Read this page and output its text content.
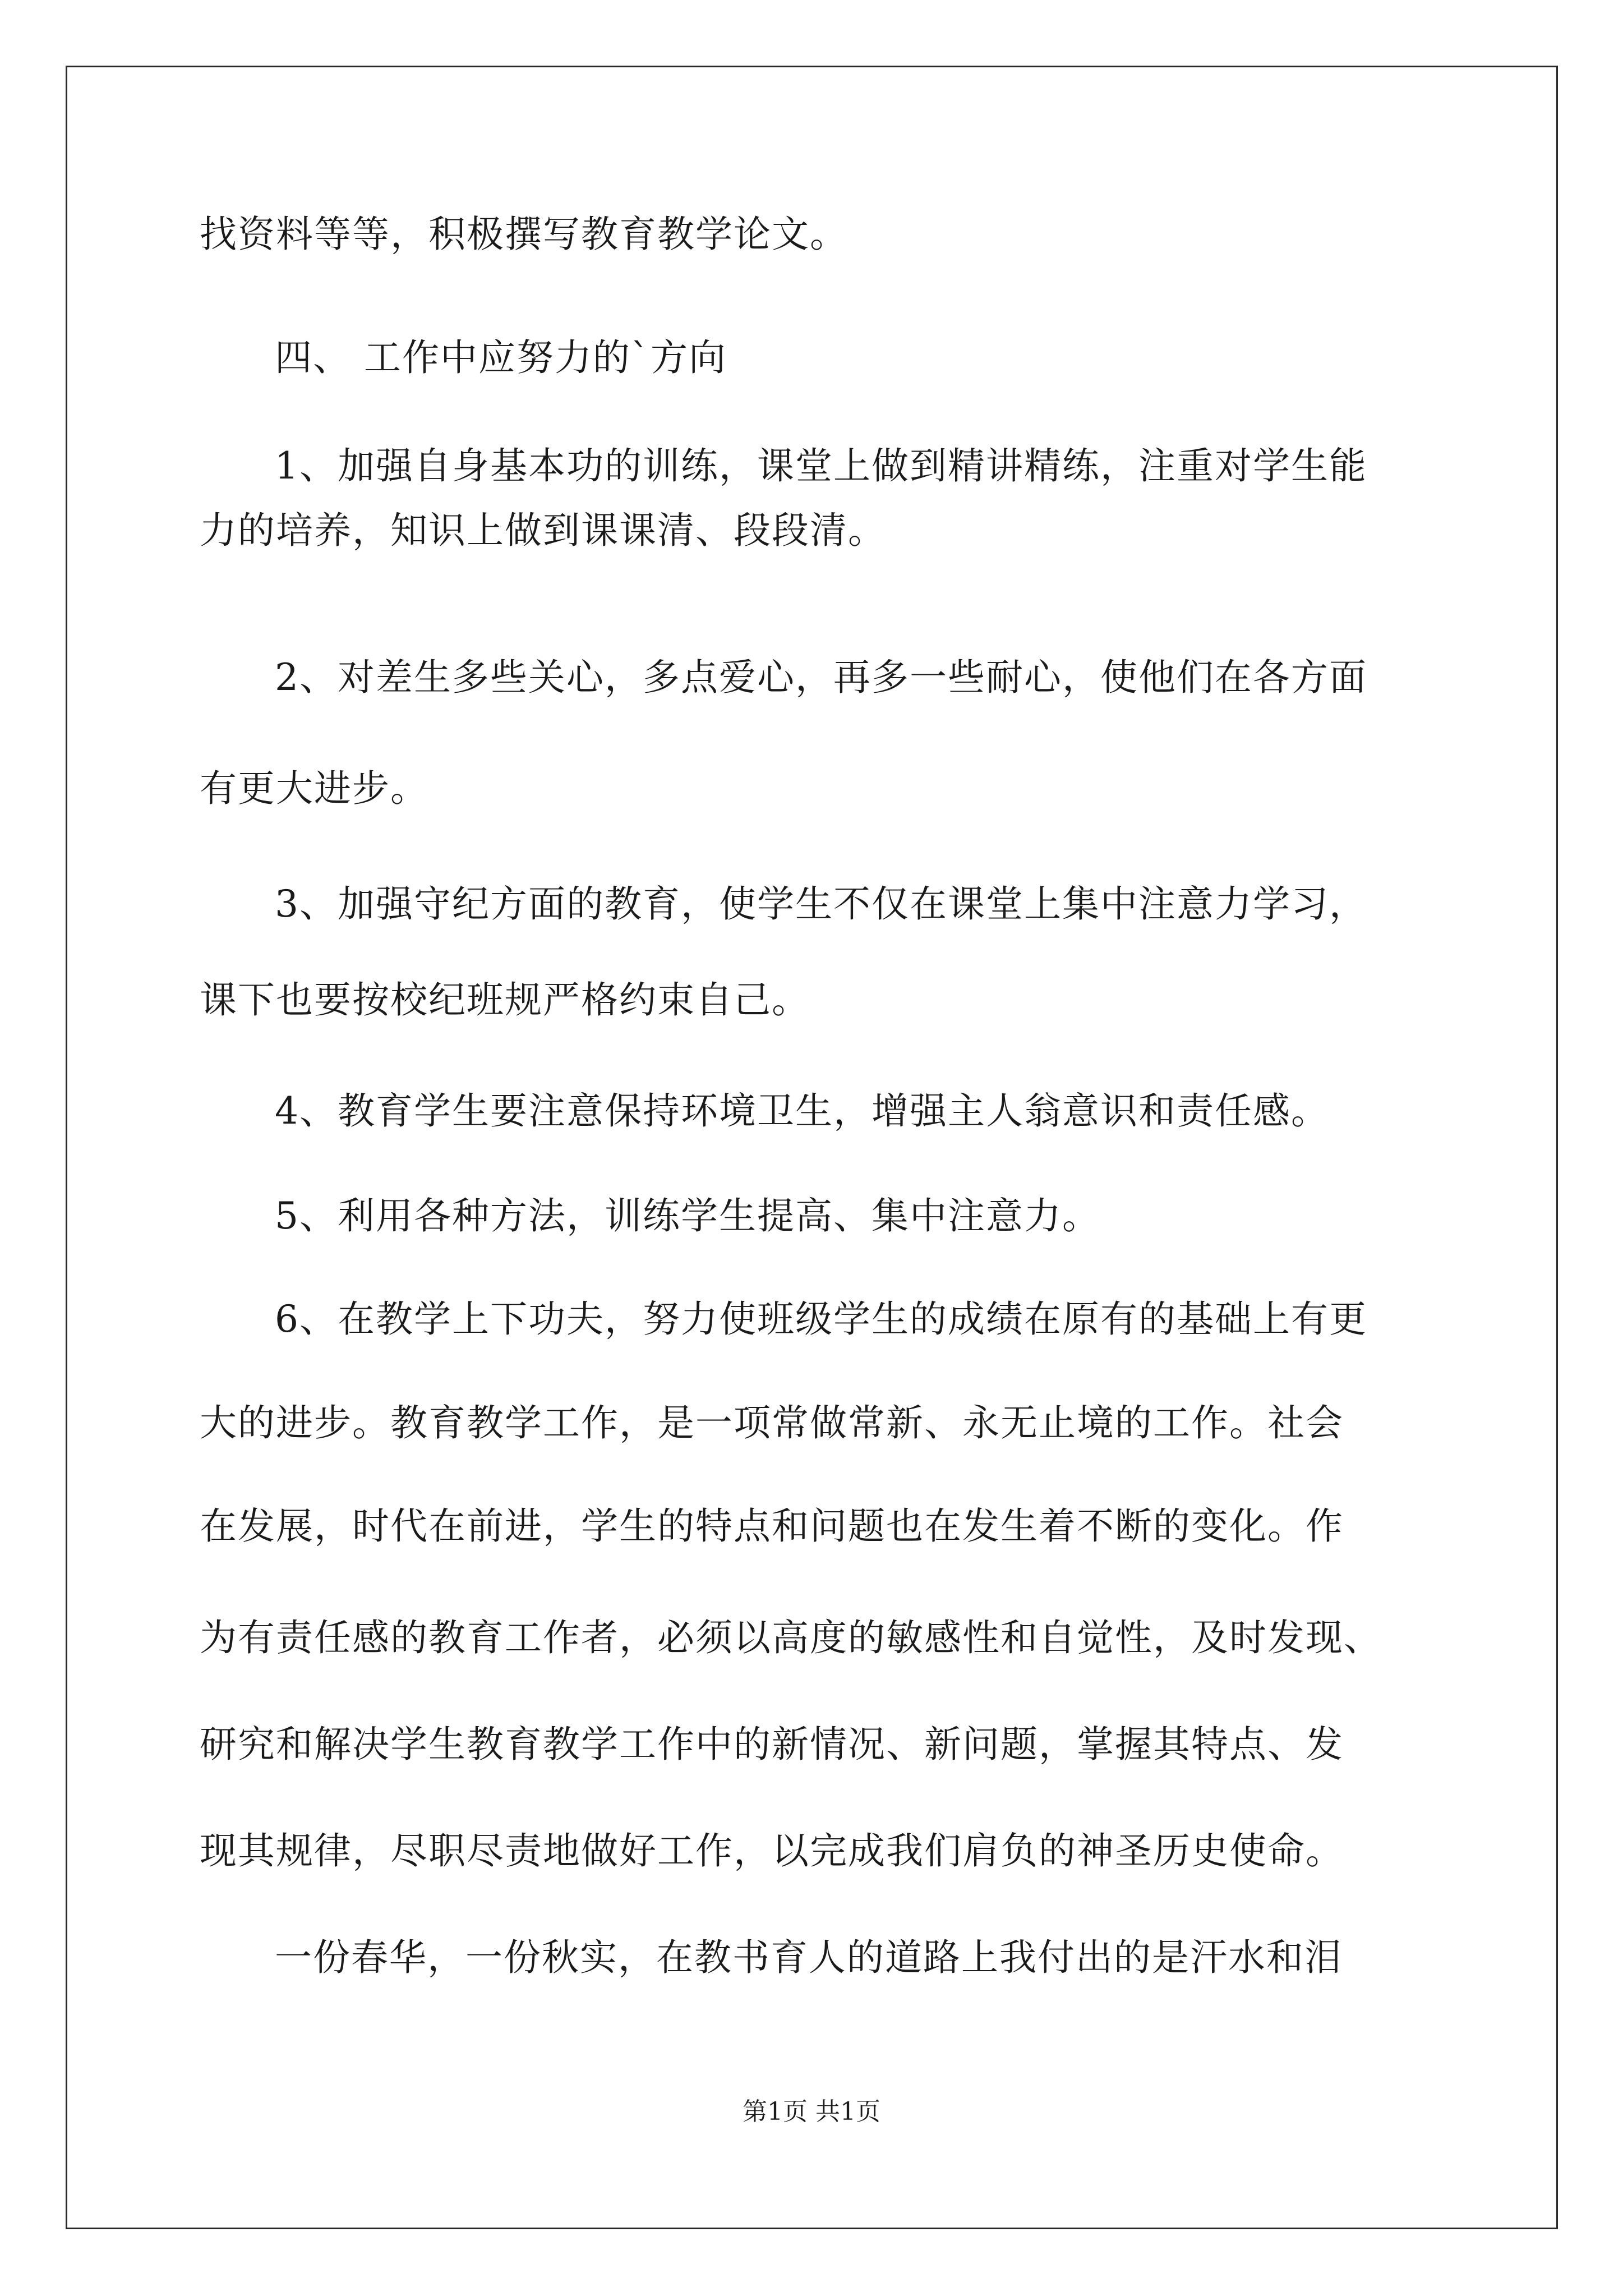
找资料等等，积极撰写教育教学论文。
四、 工作中应努力的`方向
1、加强自身基本功的训练，课堂上做到精讲精练，注重对学生能
力的培养，知识上做到课课清、段段清。
2、对差生多些关心，多点爱心，再多一些耐心，使他们在各方面
有更大进步。
3、加强守纪方面的教育，使学生不仅在课堂上集中注意力学习，
课下也要按校纪班规严格约束自己。
4、教育学生要注意保持环境卫生，增强主人翁意识和责任感。
5、利用各种方法，训练学生提高、集中注意力。
6、在教学上下功夫，努力使班级学生的成绩在原有的基础上有更
大的进步。教育教学工作，是一项常做常新、永无止境的工作。社会
在发展，时代在前进，学生的特点和问题也在发生着不断的变化。作
为有责任感的教育工作者，必须以高度的敏感性和自觉性，及时发现、
研究和解决学生教育教学工作中的新情况、新问题，掌握其特点、发
现其规律，尽职尽责地做好工作，以完成我们肩负的神圣历史使命。
一份春华，一份秋实，在教书育人的道路上我付出的是汗水和泪
第1页 共1页
